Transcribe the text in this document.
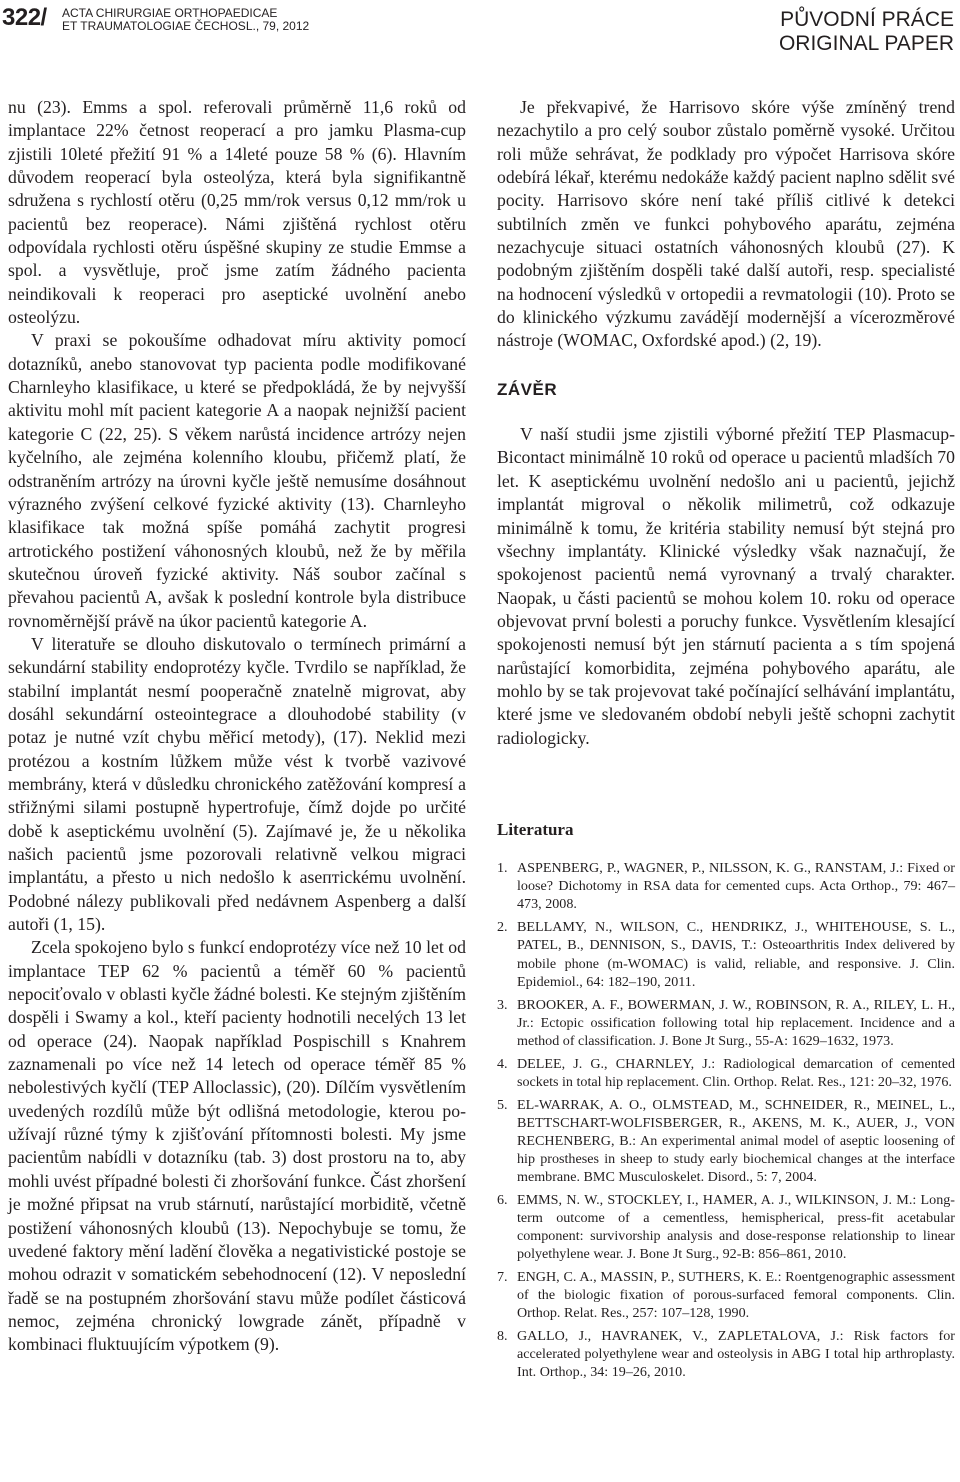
322/ ACTA CHIRURGIAE ORTHOPAEDICAE
ET TRAUMATOLOGIAE ČECHOSL., 79, 2012	PŮVODNÍ PRÁCE
ORIGINAL PAPER

nu (23). Emms a spol. referovali průměrně 11,6 roků od implantace 22% četnost reoperací a pro jamku Plasma-cup zjistili 10leté přežití 91 % a 14leté pouze 58 % (6). Hlavním důvodem reoperací byla osteolýza, která byla signifikantně sdružena s rychlostí otěru (0,25 mm/rok versus 0,12 mm/rok u pacientů bez reoperace). Námi zjištěná rychlost otěru odpovídala rychlosti otěru úspěšné skupiny ze studie Emmse a spol. a vysvětluje, proč jsme zatím žádného pacienta neindikovali k reoperaci pro aseptické uvolnění anebo osteolýzu.

V praxi se pokoušíme odhadovat míru aktivity pomocí dotazníků, anebo stanovovat typ pacienta podle modifikované Charnleyho klasifikace, u které se předpokládá, že by nejvyšší aktivitu mohl mít pacient kategorie A a naopak nejnižší pacient kategorie C (22, 25). S věkem narůstá incidence artrózy nejen kyčelního, ale zejména kolenního kloubu, přičemž platí, že odstraněním artrózy na úrovni kyčle ještě nemusíme dosáhnout výrazného zvýšení celkové fyzické aktivity (13). Charnleyho klasifikace tak možná spíše pomáhá zachytit progresi artrotického postižení váhonosných kloubů, než že by měřila skutečnou úroveň fyzické aktivity. Náš soubor začínal s převahou pacientů A, avšak k poslední kontrole byla distribuce rovnoměrnější právě na úkor pacientů kategorie A.

V literatuře se dlouho diskutovalo o termínech primární a sekundární stability endoprotézy kyčle. Tvrdilo se například, že stabilní implantát nesmí pooperačně znatelně migrovat, aby dosáhl sekundární osteointegrace a dlouhodobé stability (v potaz je nutné vzít chybu měřicí metody), (17). Neklid mezi protézou a kostním lůžkem může vést k tvorbě vazivové membrány, která v důsledku chronického zatěžování kompresí a střižnými silami postupně hypertrofuje, čímž dojde po určité době k aseptickému uvolnění (5). Zajímavé je, že u několika našich pacientů jsme pozorovali relativně velkou migraci implantátu, a přesto u nich nedošlo k asептickému uvolnění. Podobné nálezy publikovali před nedávnem Aspenberg a další autoři (1, 15).

Zcela spokojeno bylo s funkcí endoprotézy více než 10 let od implantace TEP 62 % pacientů a téměř 60 % pacientů nepociťovalo v oblasti kyčle žádné bolesti. Ke stejným zjištěním dospěli i Swamy a kol., kteří pacienty hodnotili necelých 13 let od operace (24). Naopak například Pospischill s Knahrem zaznamenali po více než 14 letech od operace téměř 85 % nebolestivých kyčlí (TEP Alloclassic), (20). Dílčím vysvětlením uvedených rozdílů může být odlišná metodologie, kterou používají různé týmy k zjišťování přítomnosti bolesti. My jsme pacientům nabídli v dotazníku (tab. 3) dost prostoru na to, aby mohli uvést případné bolesti či zhoršování funkce. Část zhoršení je možné připsat na vrub stárnutí, narůstající morbiditě, včetně postižení váhonosných kloubů (13). Nepochybuje se tomu, že uvedené faktory mění ladění člověka a negativistické postoje se mohou odrazit v somatickém sebehodnocení (12). V neposlední řadě se na postupném zhoršování stavu může podílet částicová nemoc, zejména chronický lowgrade zánět, případně v kombinaci fluktuujícím výpotkem (9).

Je překvapivé, že Harrisovo skóre výše zmíněný trend nezachytilo a pro celý soubor zůstalo poměrně vysoké. Určitou roli může sehrávat, že podklady pro výpočet Harrisova skóre odebírá lékař, kterému nedokáže každý pacient naplno sdělit své pocity. Harrisovo skóre není také příliš citlivé k detekci subtilních změn ve funkci pohybového aparátu, zejména nezachycuje situaci ostatních váhonosných kloubů (27). K podobným zjištěním dospěli také další autoři, resp. specialisté na hodnocení výsledků v ortopedii a revmatologii (10). Proto se do klinického výzkumu zavádějí modernější a vícerozměrové nástroje (WOMAC, Oxfordské apod.) (2, 19).

ZÁVĚR

V naší studii jsme zjistili výborné přežití TEP Plasmacup-Bicontact minimálně 10 roků od operace u pacientů mladších 70 let. K aseptickému uvolnění nedošlo ani u pacientů, jejichž implantát migroval o několik milimetrů, což odkazuje minimálně k tomu, že kritéria stability nemusí být stejná pro všechny implantáty. Klinické výsledky však naznačují, že spokojenost pacientů nemá vyrovnaný a trvalý charakter. Naopak, u části pacientů se mohou kolem 10. roku od operace objevovat první bolesti a poruchy funkce. Vysvětlením klesající spokojenosti nemusí být jen stárnutí pacienta a s tím spojená narůstající komorbidita, zejména pohybového aparátu, ale mohlo by se tak projevovat také počínající selhávání implantátu, které jsme ve sledovaném období nebyli ještě schopni zachytit radiologicky.

Literatura
1. ASPENBERG, P., WAGNER, P., NILSSON, K. G., RANSTAM, J.: Fixed or loose? Dichotomy in RSA data for cemented cups. Acta Orthop., 79: 467–473, 2008.
2. BELLAMY, N., WILSON, C., HENDRIKZ, J., WHITEHOUSE, S. L., PATEL, B., DENNISON, S., DAVIS, T.: Osteoarthritis Index delivered by mobile phone (m-WOMAC) is valid, reliable, and responsive. J. Clin. Epidemiol., 64: 182–190, 2011.
3. BROOKER, A. F., BOWERMAN, J. W., ROBINSON, R. A., RILEY, L. H., Jr.: Ectopic ossification following total hip replacement. Incidence and a method of classification. J. Bone Jt Surg., 55-A: 1629–1632, 1973.
4. DELEE, J. G., CHARNLEY, J.: Radiological demarcation of cemented sockets in total hip replacement. Clin. Orthop. Relat. Res., 121: 20–32, 1976.
5. EL-WARRAK, A. O., OLMSTEAD, M., SCHNEIDER, R., MEINEL, L., BETTSCHART-WOLFISBERGER, R., AKENS, M. K., AUER, J., VON RECHENBERG, B.: An experimental animal model of aseptic loosening of hip prostheses in sheep to study early biochemical changes at the interface membrane. BMC Musculoskelet. Disord., 5: 7, 2004.
6. EMMS, N. W., STOCKLEY, I., HAMER, A. J., WILKINSON, J. M.: Long-term outcome of a cementless, hemispherical, press-fit acetabular component: survivorship analysis and dose-response relationship to linear polyethylene wear. J. Bone Jt Surg., 92-B: 856–861, 2010.
7. ENGH, C. A., MASSIN, P., SUTHERS, K. E.: Roentgenographic assessment of the biologic fixation of porous-surfaced femoral components. Clin. Orthop. Relat. Res., 257: 107–128, 1990.
8. GALLO, J., HAVRANEK, V., ZAPLETALOVA, J.: Risk factors for accelerated polyethylene wear and osteolysis in ABG I total hip arthroplasty. Int. Orthop., 34: 19–26, 2010.
